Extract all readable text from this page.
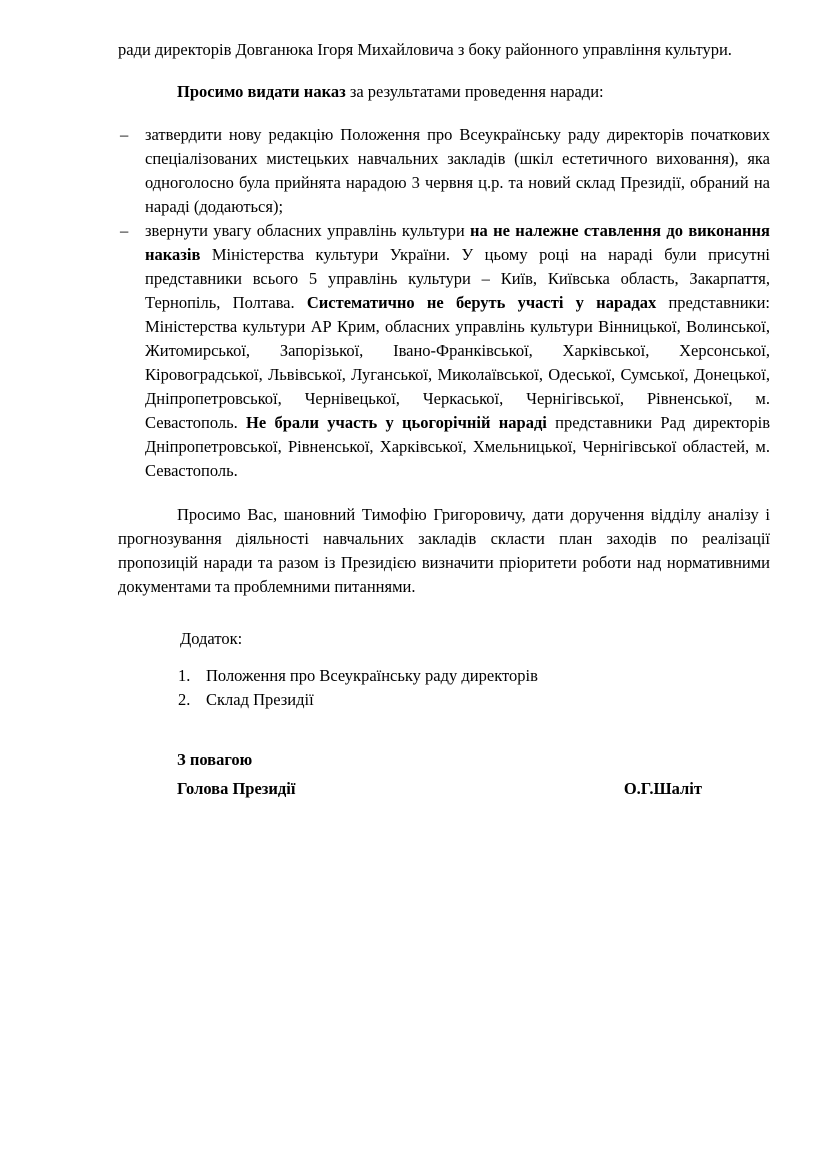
ради директорів Довганюка Ігоря Михайловича з боку районного управління культури.

Просимо видати наказ за результатами проведення наради:

– затвердити нову редакцію Положення про Всеукраїнську раду директорів початкових спеціалізованих мистецьких навчальних закладів (шкіл естетичного виховання), яка одноголосно була прийнята нарадою 3 червня ц.р. та новий склад Президії, обраний на нараді (додаються);
– звернути увагу обласних управлінь культури на не належне ставлення до виконання наказів Міністерства культури України. У цьому році на нараді були присутні представники всього 5 управлінь культури – Київ, Київська область, Закарпаття, Тернопіль, Полтава. Систематично не беруть участі у нарадах представники: Міністерства культури АР Крим, обласних управлінь культури Вінницької, Волинської, Житомирської, Запорізької, Івано-Франківської, Харківської, Херсонської, Кіровоградської, Львівської, Луганської, Миколаївської, Одеської, Сумської, Донецької, Дніпропетровської, Чернівецької, Черкаської, Чернігівської, Рівненської, м. Севастополь. Не брали участь у цьогорічній нараді представники Рад директорів Дніпропетровської, Рівненської, Харківської, Хмельницької, Чернігівської областей, м. Севастополь.

Просимо Вас, шановний Тимофію Григоровичу, дати доручення відділу аналізу і прогнозування діяльності навчальних закладів скласти план заходів по реалізації пропозицій наради та разом із Президією визначити пріоритети роботи над нормативними документами та проблемними питаннями.

Додаток:

1. Положення про Всеукраїнську раду директорів
2. Склад Президії

З повагою

Голова Президії	О.Г.Шаліт
